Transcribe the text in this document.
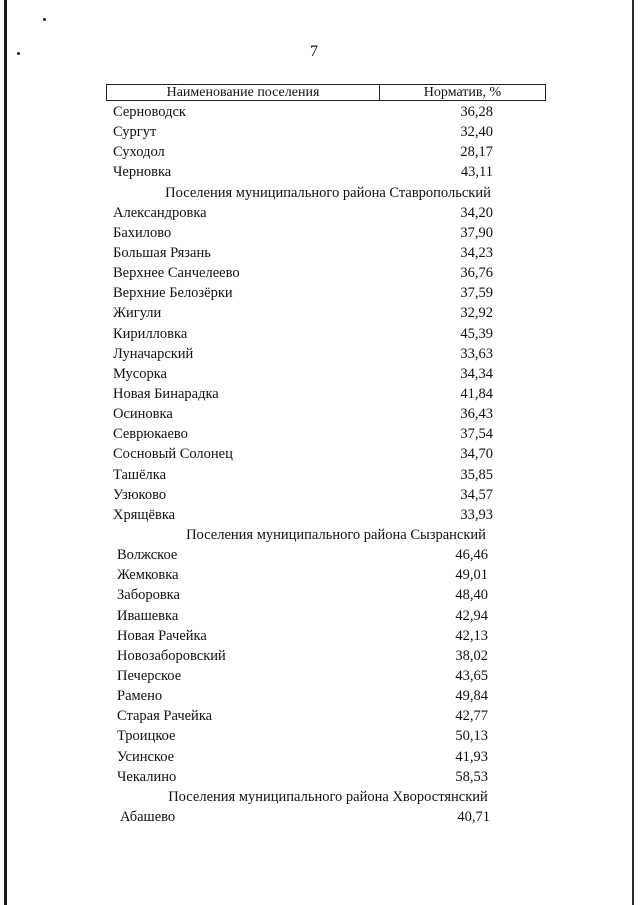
7
Наименование поселения	Норматив, %
Серноводск	36,28
Сургут	32,40
Суходол	28,17
Черновка	43,11
Поселения муниципального района Ставропольский
Александровка	34,20
Бахилово	37,90
Большая Рязань	34,23
Верхнее Санчелеево	36,76
Верхние Белозёрки	37,59
Жигули	32,92
Кирилловка	45,39
Луначарский	33,63
Мусорка	34,34
Новая Бинарадка	41,84
Осиновка	36,43
Севрюкаево	37,54
Сосновый Солонец	34,70
Ташёлка	35,85
Узюково	34,57
Хрящёвка	33,93
Поселения муниципального района Сызранский
Волжское	46,46
Жемковка	49,01
Заборовка	48,40
Ивашевка	42,94
Новая Рачейка	42,13
Новозаборовский	38,02
Печерское	43,65
Рамено	49,84
Старая Рачейка	42,77
Троицкое	50,13
Усинское	41,93
Чекалино	58,53
Поселения муниципального района Хворостянский
Абашево	40,71
